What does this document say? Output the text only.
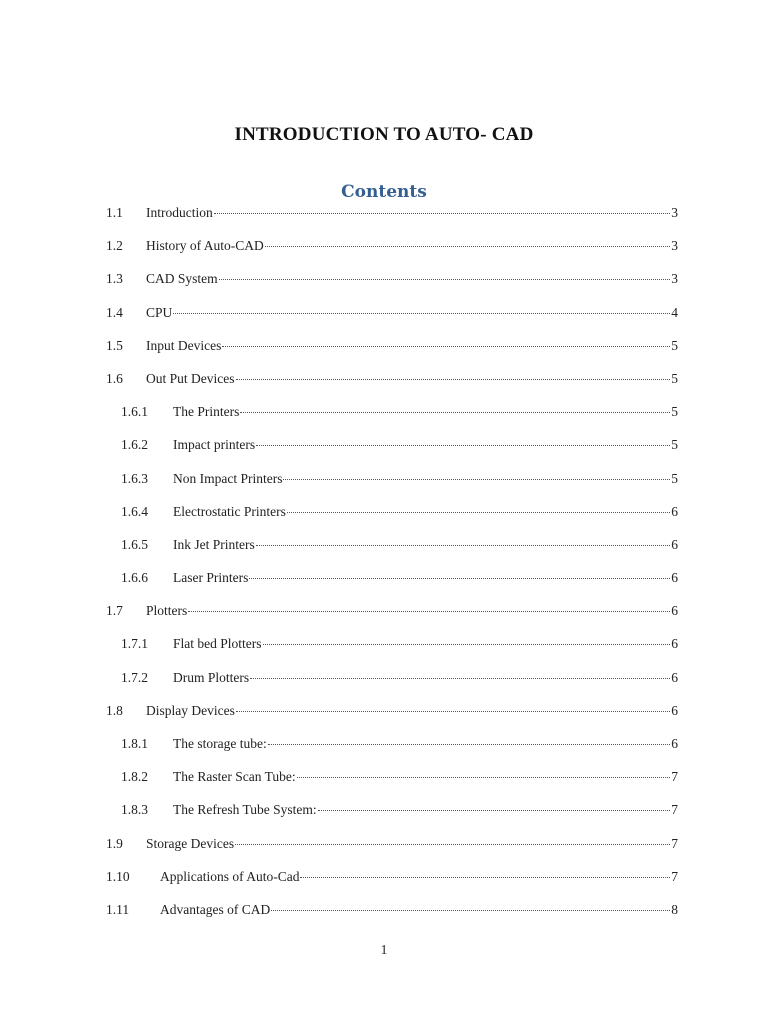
INTRODUCTION TO AUTO- CAD
Contents
1.1	Introduction	3
1.2	History of Auto-CAD	3
1.3	CAD System	3
1.4	CPU	4
1.5	Input Devices	5
1.6	Out Put Devices	5
1.6.1	The Printers	5
1.6.2	Impact printers	5
1.6.3	Non Impact Printers	5
1.6.4	Electrostatic Printers	6
1.6.5	Ink Jet Printers	6
1.6.6	Laser Printers	6
1.7	Plotters	6
1.7.1	Flat bed Plotters	6
1.7.2	Drum Plotters	6
1.8	Display Devices	6
1.8.1	The storage tube:	6
1.8.2	The Raster Scan Tube:	7
1.8.3	The Refresh Tube System:	7
1.9	Storage Devices	7
1.10	Applications of Auto-Cad	7
1.11	Advantages of CAD	8
1
